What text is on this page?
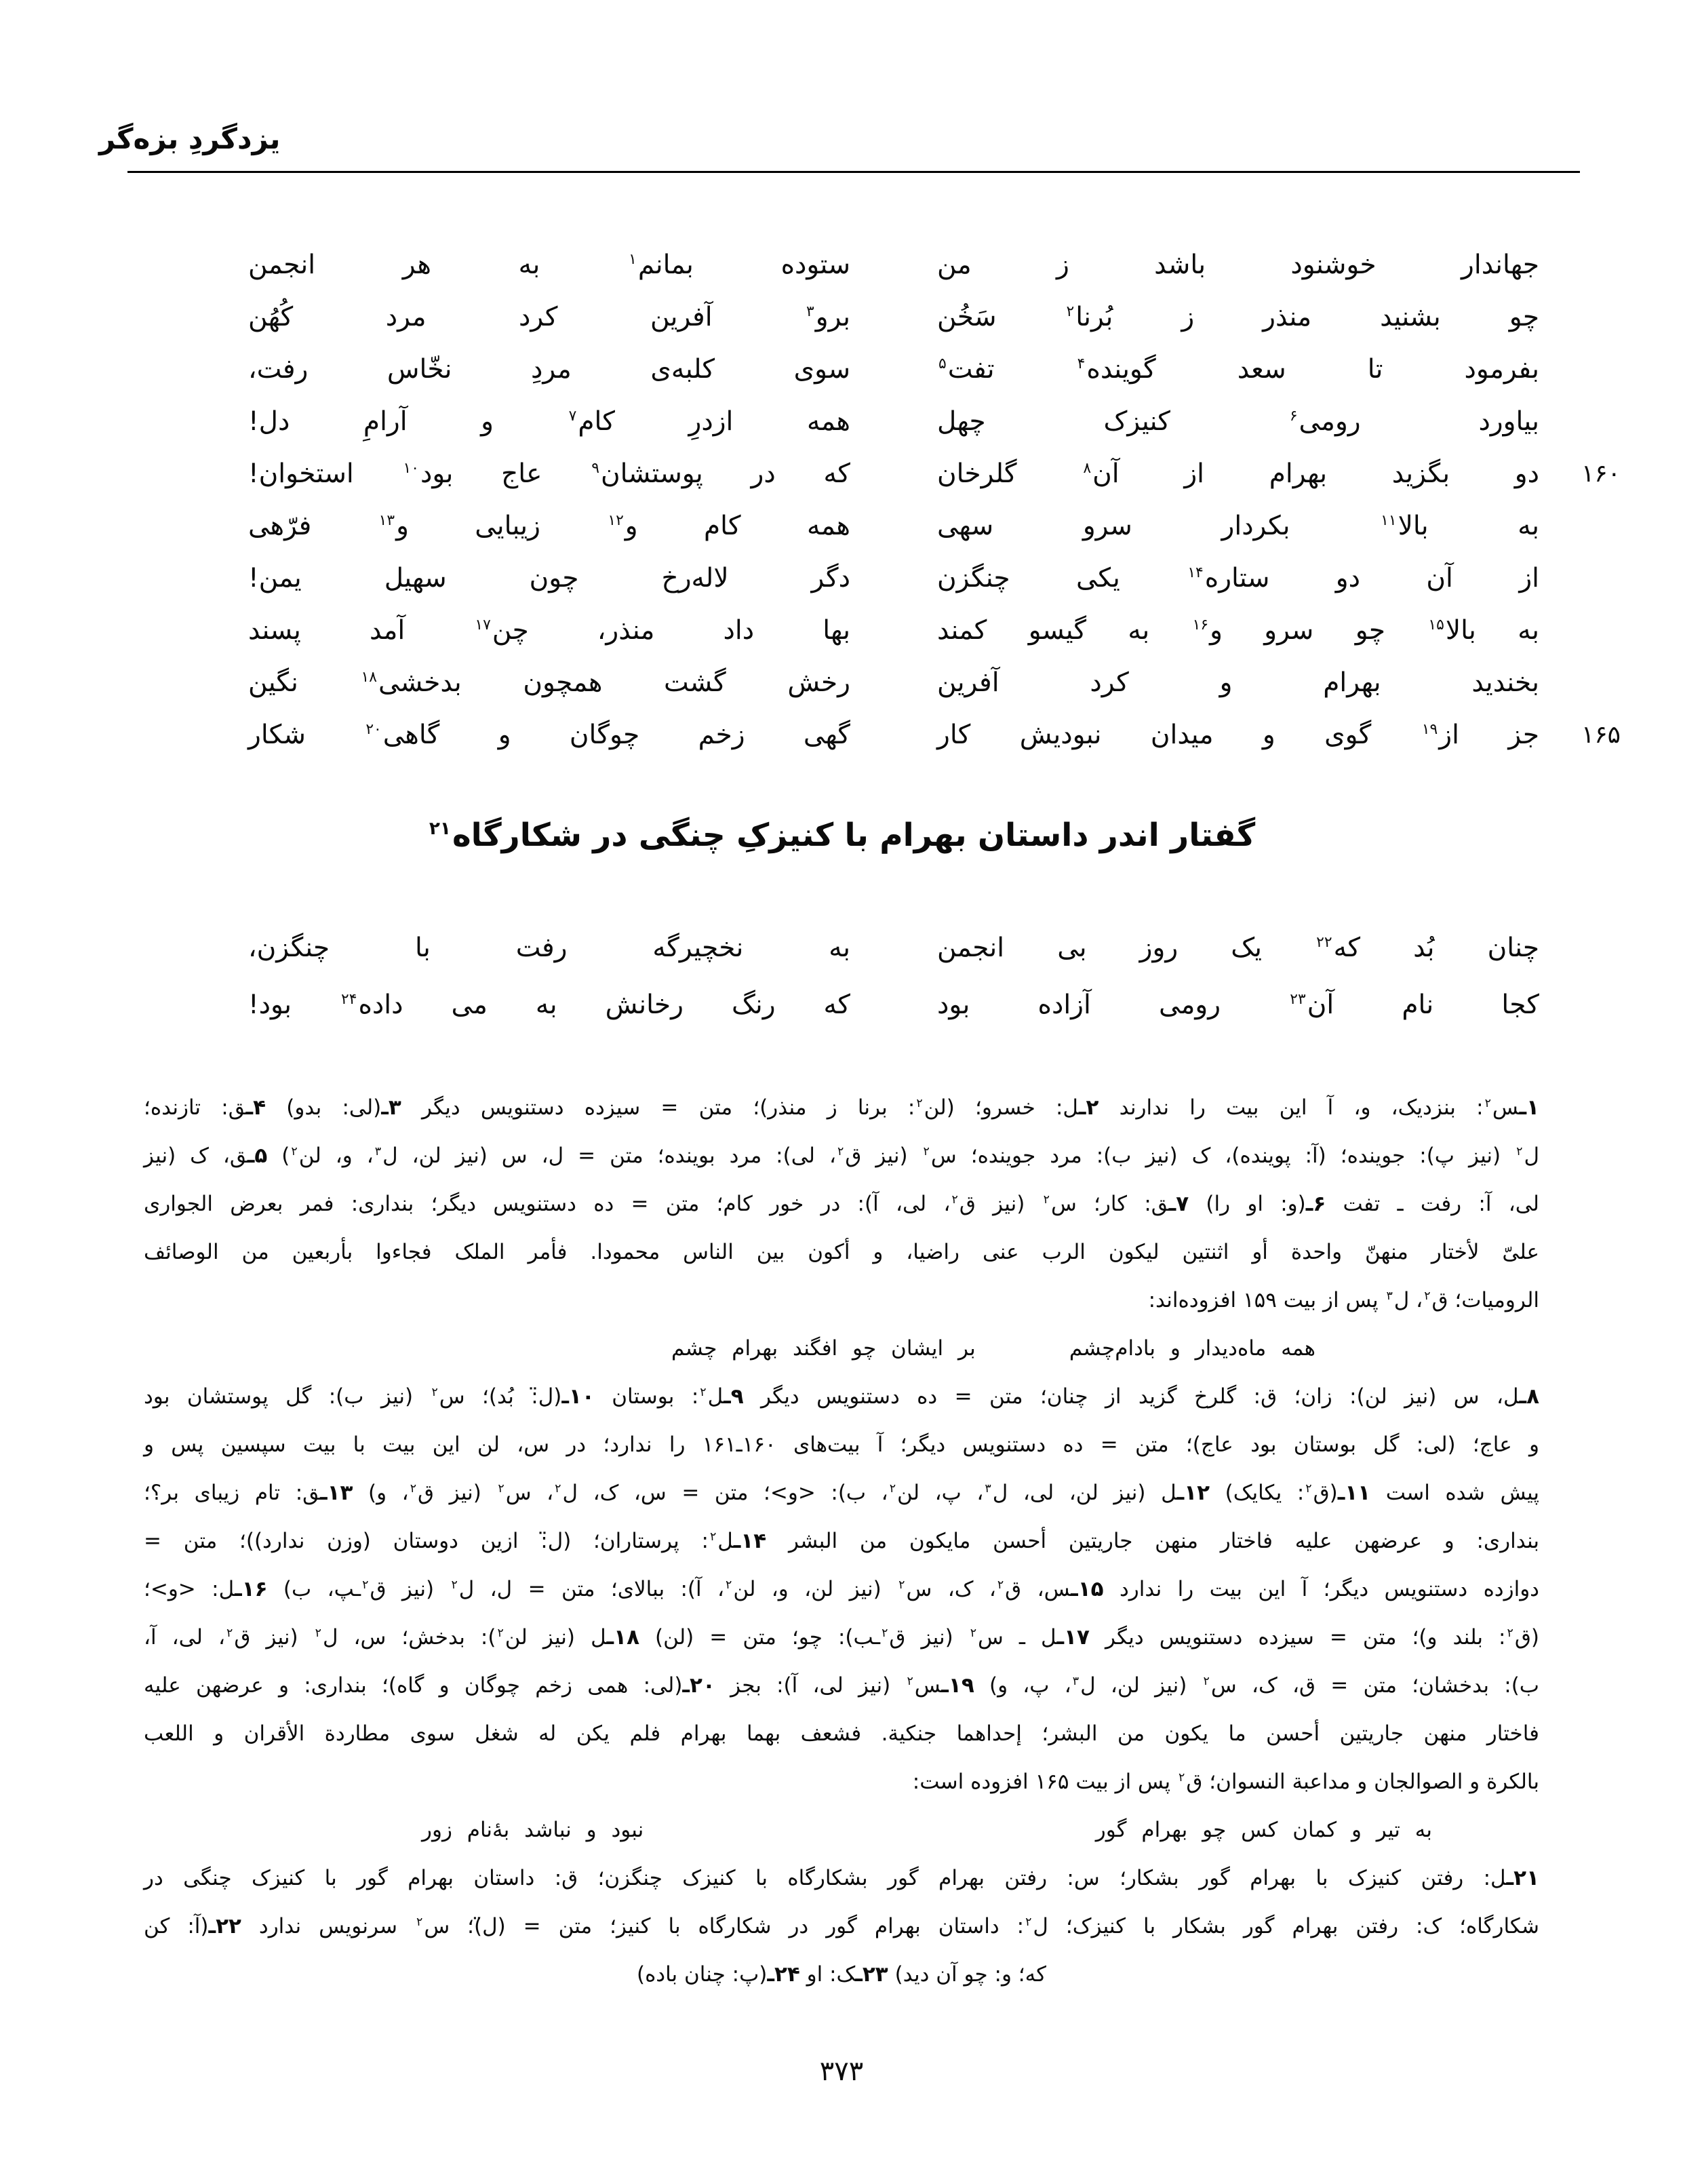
یزدگردِ بزه‌گر
جهاندار خوشنود باشد ز من
ستوده بمانم$^۱$ به هر انجمن
چو بشنید منذر ز بُرنا$^۲$ سَخُن
برو$^۳$ آفرین کرد مرد کُهُن
بفرمود تا سعد گوینده$^۴$ تفت$^۵$
سوی کلبه‌ی مردِ نخّاس رفت،
بیاورد رومی$^۶$ کنیزک چهل
همه ازدرِ کام$^۷$ و آرامِ دل!
۱۶۰
دو بگزید بهرام از آن$^۸$ گلرخان
که در پوستشان$^۹$ عاج بود$^{۱۰}$ استخوان!
به بالا$^{۱۱}$ بکردار سرو سهی
همه کام و$^{۱۲}$ زیبایی و$^{۱۳}$ فرّهی
از آن دو ستاره$^{۱۴}$ یکی چنگزن
دگر لاله‌رخ چون سهیل یمن!
به بالا$^{۱۵}$ چو سرو و$^{۱۶}$ به گیسو کمند
بها داد منذر، چن$^{۱۷}$ آمد پسند
بخندید بهرام و کرد آفرین
رخش گشت همچون بدخشی$^{۱۸}$ نگین
۱۶۵
جز از$^{۱۹}$ گوی و میدان نبودیش کار
گهی زخم چوگان و گاهی$^{۲۰}$ شکار
گفتار اندر داستان بهرام با کنیزکِ چنگی در شکارگاه$^{۲۱}$
چنان بُد که$^{۲۲}$ یک روز بی انجمن
به نخچیرگه رفت با چنگزن،
کجا نام آن$^{۲۳}$ رومی آزاده بود
که رنگ رخانش به می داده$^{۲۴}$ بود!
۱ـس$^۲$: بنزدیک، و، آ این بیت را ندارند ۲ـل: خسرو؛ (لن$^۲$: برنا ز منذر)؛ متن = سیزده دستنویس دیگر ۳ـ(لی: بدو) ۴ـق: تازنده؛
ل$^۲$ (نیز پ): جوینده؛ (آ: پوینده)، ک (نیز ب): مرد جوینده؛ س$^۲$ (نیز ق$^۲$، لی): مرد بوینده؛ متن = ل، س (نیز لن، ل$^۳$، و، لن$^۲$) ۵ـق، ک (نیز
لی، آ: رفت ـ تفت ۶ـ(و: او را) ۷ـق: کار؛ س$^۲$ (نیز ق$^۲$، لی، آ): در خور کام؛ متن = ده دستنویس دیگر؛ بنداری: فمر بعرض الجواری
علیّ لأختار منهنّ واحدة أو اثنتین لیکون الرب عنی راضیا، و أکون بین الناس محمودا. فأمر الملک فجاءوا بأربعین من الوصائف
الرومیات؛ ق$^۲$، ل$^۳$ پس از بیت ۱۵۹ افزوده‌اند:
همه ماه‌دیدار و بادام‌چشم
بر ایشان چو افگند بهرام چشم
۸ـل، س (نیز لن): زان؛ ق: گلرخ گزید از چنان؛ متن = ده دستنویس دیگر ۹ـل$^۲$: بوستان ۱۰ـ(ل̈: بُد)؛ س$^۲$ (نیز ب): گل پوستشان بود
و عاج؛ (لی: گل بوستان بود عاج)؛ متن = ده دستنویس دیگر؛ آ بیت‌های ۱۶۰ـ۱۶۱ را ندارد؛ در س، لن این بیت با بیت سپسین پس و
پیش شده است ۱۱ـ(ق$^۲$: یکایک) ۱۲ـل (نیز لن، لی، ل$^۳$، پ، لن$^۲$، ب): <و>؛ متن = س، ک، ل$^۲$، س$^۲$ (نیز ق$^۲$، و) ۱۳ـق: تام زیبای بر؟؛
بنداری: و عرضهن علیه فاختار منهن جاریتین أحسن مایکون من البشر ۱۴ـل$^۲$: پرستاران؛ (ل̈: ازین دوستان (وزن ندارد))؛ متن =
دوازده دستنویس دیگر؛ آ این بیت را ندارد ۱۵ـس، ق$^۲$، ک، س$^۲$ (نیز لن، و، لن$^۲$، آ): ببالای؛ متن = ل، ل$^۲$ (نیز ق$^۲$ـپ، ب) ۱۶ـل: <و>؛
(ق$^۲$: بلند و)؛ متن = سیزده دستنویس دیگر ۱۷ـل ـ س$^۲$ (نیز ق$^۲$ـب): چو؛ متن = (لن) ۱۸ـل (نیز لن$^۲$): بدخش؛ س، ل$^۲$ (نیز ق$^۲$، لی، آ،
ب): بدخشان؛ متن = ق، ک، س$^۲$ (نیز لن، ل$^۳$، پ، و) ۱۹ـس$^۲$ (نیز لی، آ): بجز ۲۰ـ(لی: همی زخم چوگان و گاه)؛ بنداری: و عرضهن علیه
فاختار منهن جاریتین أحسن ما یکون من البشر؛ إحداهما جنکیة. فشعف بهما بهرام فلم یکن له شغل سوی مطاردة الأقران و اللعب
بالکرة و الصوالجان و مداعبة النسوان؛ ق$^۲$ پس از بیت ۱۶۵ افزوده است:
به تیر و کمان کس چو بهرام گور
نبود و نباشد بهٔ‌نام زور
۲۱ـل: رفتن کنیزک با بهرام گور بشکار؛ س: رفتن بهرام گور بشکارگاه با کنیزک چنگزن؛ ق: داستان بهرام گور با کنیزک چنگی در
شکارگاه؛ ک: رفتن بهرام گور بشکار با کنیزک؛ ل$^۲$: داستان بهرام گور در شکارگاه با کنیز؛ متن = (ل̈)؛ س$^۲$ سرنویس ندارد ۲۲ـ(آ: کن
که؛ و: چو آن دید) ۲۳ـک: او ۲۴ـ(پ: چنان باده)
۳۷۳
